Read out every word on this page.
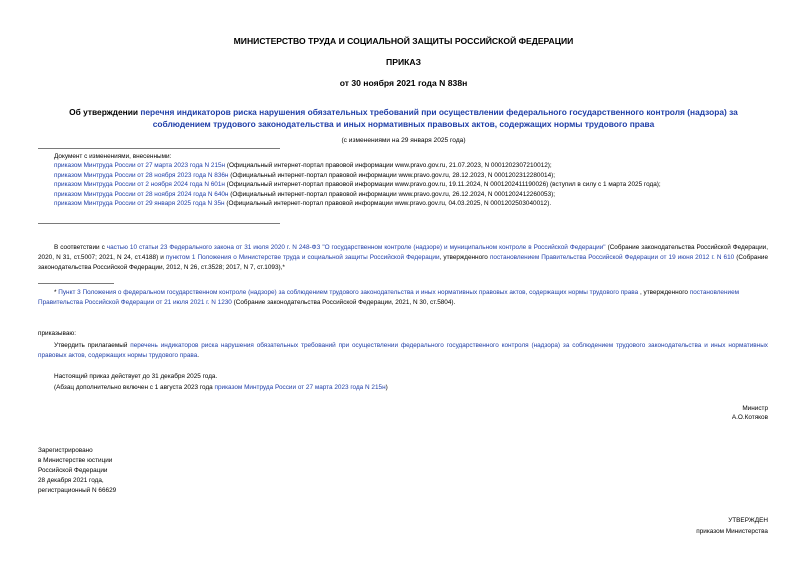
МИНИСТЕРСТВО ТРУДА И СОЦИАЛЬНОЙ ЗАЩИТЫ РОССИЙСКОЙ ФЕДЕРАЦИИ
ПРИКАЗ
от 30 ноября 2021 года N 838н
Об утверждении перечня индикаторов риска нарушения обязательных требований при осуществлении федерального государственного контроля (надзора) за соблюдением трудового законодательства и иных нормативных правовых актов, содержащих нормы трудового права
(с изменениями на 29 января 2025 года)
Документ с изменениями, внесенными:
приказом Минтруда России от 27 марта 2023 года N 215н (Официальный интернет-портал правовой информации www.pravo.gov.ru, 21.07.2023, N 0001202307210012);
приказом Минтруда России от 28 ноября 2023 года N 836н (Официальный интернет-портал правовой информации www.pravo.gov.ru, 28.12.2023, N 0001202312280014);
приказом Минтруда России от 2 ноября 2024 года N 601н (Официальный интернет-портал правовой информации www.pravo.gov.ru, 19.11.2024, N 0001202411190026) (вступил в силу с 1 марта 2025 года);
приказом Минтруда России от 28 ноября 2024 года N 640н (Официальный интернет-портал правовой информации www.pravo.gov.ru, 26.12.2024, N 0001202412260053);
приказом Минтруда России от 29 января 2025 года N 35н (Официальный интернет-портал правовой информации www.pravo.gov.ru, 04.03.2025, N 0001202503040012).
В соответствии с частью 10 статьи 23 Федерального закона от 31 июля 2020 г. N 248-ФЗ "О государственном контроле (надзоре) и муниципальном контроле в Российской Федерации" (Собрание законодательства Российской Федерации, 2020, N 31, ст.5007; 2021, N 24, ст.4188) и пунктом 1 Положения о Министерстве труда и социальной защиты Российской Федерации, утвержденного постановлением Правительства Российской Федерации от 19 июня 2012 г. N 610 (Собрание законодательства Российской Федерации, 2012, N 26, ст.3528; 2017, N 7, ст.1093),*
* Пункт 3 Положения о федеральном государственном контроле (надзоре) за соблюдением трудового законодательства и иных нормативных правовых актов, содержащих нормы трудового права , утвержденного постановлением Правительства Российской Федерации от 21 июля 2021 г. N 1230 (Собрание законодательства Российской Федерации, 2021, N 30, ст.5804).
приказываю:
Утвердить прилагаемый перечень индикаторов риска нарушения обязательных требований при осуществлении федерального государственного контроля (надзора) за соблюдением трудового законодательства и иных нормативных правовых актов, содержащих нормы трудового права.
Настоящий приказ действует до 31 декабря 2025 года.
(Абзац дополнительно включен с 1 августа 2023 года приказом Минтруда России от 27 марта 2023 года N 215н)
Министр
А.О.Котяков
Зарегистрировано
в Министерстве юстиции
Российской Федерации
28 декабря 2021 года,
регистрационный N 66629
УТВЕРЖДЕН
приказом Министерства
